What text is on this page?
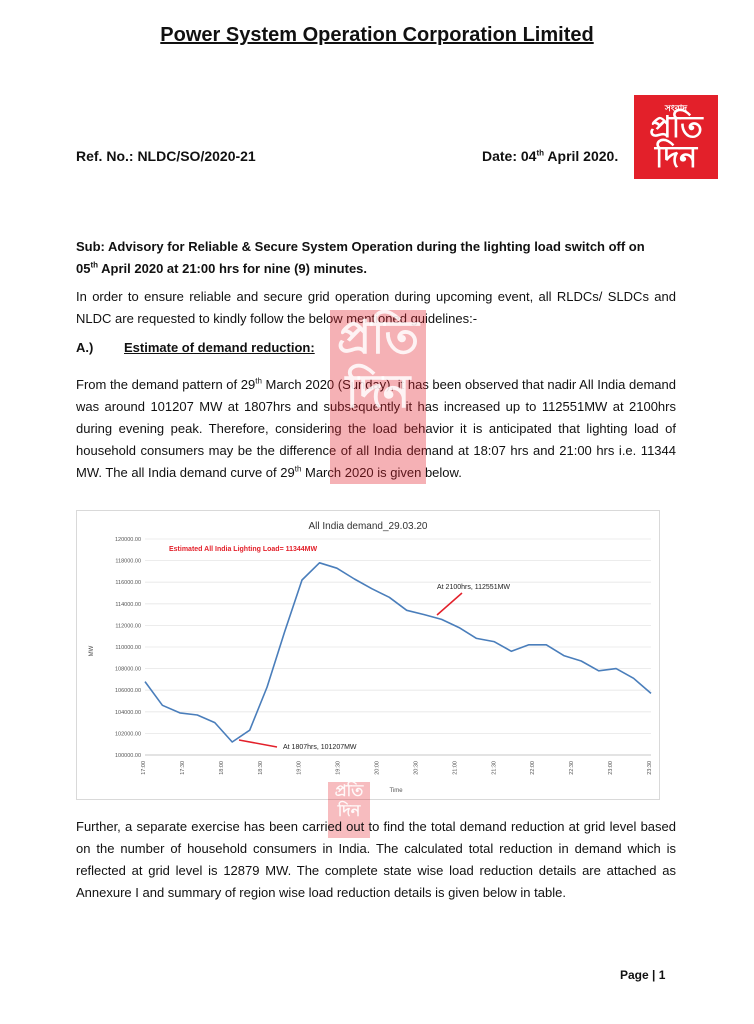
Power System Operation Corporation Limited
সংবাদ
প্রতি দিন
Ref. No.: NLDC/SO/2020-21	Date: 04th April 2020.
Sub: Advisory for Reliable & Secure System Operation during the lighting load switch off on
05th April 2020 at 21:00 hrs for nine (9) minutes.
In order to ensure reliable and secure grid operation during upcoming event, all RLDCs/ SLDCs and NLDC are requested to kindly follow the below mentioned guidelines:-
A.) Estimate of demand reduction:
From the demand pattern of 29th March 2020 (Sunday), it has been observed that nadir All India demand was around 101207 MW at 1807hrs and subsequently it has increased up to 112551MW at 2100hrs during evening peak. Therefore, considering the load behavior it is anticipated that lighting load of household consumers may be the difference of all India demand at 18:07 hrs and 21:00 hrs i.e. 11344 MW. The all India demand curve of 29th March 2020 is given below.
প্রতি দিন
All India demand_29.03.20
Estimated All India Lighting Load= 11344MW
At 2100hrs, 112551MW
At 1807hrs, 101207MW
MW
Time
100000.00
102000.00
104000.00
106000.00
108000.00
110000.00
112000.00
114000.00
116000.00
118000.00
120000.00
17:00	17:30	18:00	18:30	19:00	19:30	20:00	20:30	21:00	21:30	22:00	22:30	23:00	23:30
প্রতি দিন
Further, a separate exercise has been carried out to find the total demand reduction at grid level based on the number of household consumers in India. The calculated total reduction in demand which is reflected at grid level is 12879 MW. The complete state wise load reduction details are attached as Annexure I and summary of region wise load reduction details is given below in table.
Page | 1
